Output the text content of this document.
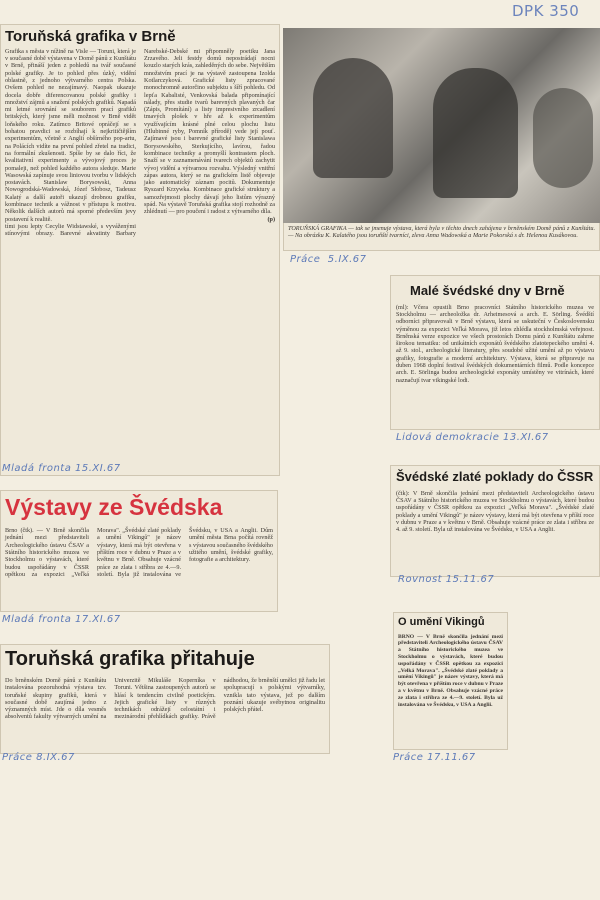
DPK 350
Toruňská grafika v Brně

Grafika s města v nížině na Visle — Toruni, která je v současné době výstavena v Domě pánů z Kunštátu v Brně, přináší jeden z pohledů na tvář současné polské grafiky. Je to pohled přes úzký, vidění oblastně, z jednoho výtvarného centra Polska. Ovšem pohled ne nezajímavý. Naopak ukazuje docela dobře diferencovanou polské grafiky i množství zájmů a snažení polských grafiků. Napadá mi letmé srovnání se souborem prací grafiků britských, který jsme měli možnost v Brně vidět loňského roku. Zatímco Britové opráčejí se s bohatou pravdici se rozbíhají k nejkritičtějším experimentům, včetně z Anglií obšírného pop-artu, na Polácích vidíte na první pohled zřetel na tradici, na formální zkušenosti. Spíše by se dalo říci, že kvalitativní experimenty a vývojový proces je pomaleji, než pohled každého autora sleduje. Marie Wasowská zapínuje svou liniovou tvorbu v lidských postavách. Stanislaw Borysowski, Anna Nowogrodská-Wadowská, Józef Słobosz, Tadeusz Kalatý a další autoři ukazují drobnou grafiku, kombinace technik a vážnost v přístupu k motivu. Několik dalších autorů má sporné především jevy postavení k realitě.

tími jsou lepty Cecylie Widstawské, s vyváženými stínovými obrazy. Barevné akvatinty Barbary Narebské-Debské mi připomněly poetiku Jana Zrzavého. Jeli festdy domů nepostrádají nocni kouzlo starých krás, zahleděných do sebe. Největším množstvím prací je na výstavě zastoupena Izolda Kotlarczyková. Grafické listy zpracované monochromně autorčino subjektu s šíří pohledu. Od lepťa Kabalisté, Venkovská balada připomínající nálady, přes studie tvarů barevných plavaných čar (Zápis, Promítání) a listy impresivního zrcadlení tmavých plošek v hře až k experimentům využívajícím krásné plné celou plochu listu (Hlubinné ryby, Pomník přírodě) vede její pouť. Zajímavé jsou i barevné grafické listy Stanislawa Borysowského, Sterkujícího, lavírou, řadou kombinace techniky a promyšlí kontrastem ploch. Snaží se v zaznamenávání tvarech objektů zachytit vývoj vidění a výtvarnou rozvahu. Výsledný vnitřní zápas autora, který se na grafickém listě objevuje jako automatický záznam pocitů. Dokumentuje Ryszard Krzywka. Kombinace grafické struktury a samozřejmosti plochy dávají jeho listům výrazný spád. Na výstavě Toruňská grafika stojí rozhodně za zhlédnutí — pro poučení i radost z výtvarného díla.

(p)

Mladá fronta 15.XI.67

TORUŇSKÁ GRAFIKA — tak se jmenuje výstava, která byla v těchto dnech zahájena v brněnském Domě pánů z Kunštátu. — Na obrázku K. Kalatého jsou toruňští tvarníci, zleva Anna Wadowská a Marie Pokorská s dr. Helenou Kusákovou.

Práce 5.IX.67
Malé švédské dny v Brně

(ml): Včera opustili Brno pracovníci Státního historického muzea ve Stockholmu — archeoložka dr. Arheimesová a arch. E. Sörling. Švédští odborníci připravovali v Brně výstavu, která se uskuteční v Československu výměnou za expozici Veľká Morava, již letos zhlédla stockholmská veřejnost. Brněnská verze expozice ve všech prostorách Domu pánů z Kunštátu zahrne širokou tematiku: od unikátních exponátů švédského zlatotepeckého umění 4. až 9. stol., archeologické literatury, přes soudobé užité umění až po výstavu grafiky, fotografie a moderní architektury. Výstava, která se připravuje na duben 1968 doplní festival švédských dokumentárních filmů. Podle koncepce arch. E. Sörlinga budou archeologické exponáty umístěny ve vitrínách, které naznačují tvar vikingské lodi.

Lidová demokracie 13.XI.67
Švédské zlaté poklady do ČSSR

(čtk): V Brně skončila jednání mezi představiteli Archeologického ústavu ČSAV a Státního historického muzea ve Stockholmu o výstavách, které budou uspořádány v ČSSR opětkou za expozici „Veľká Morava". „Švédské zlaté poklady a umění Vikingů" je název výstavy, která má být otevřena v příští roce v dubnu v Praze a v květnu v Brně. Obsahuje vzácné práce ze zlata i stříbra ze 4. až 9. století. Byla už instalována ve Švédsku, v USA a Anglii.

Rovnost 15.11.67
Výstavy ze Švédska

Brno (čtk). — V Brně skončila jednání mezi představiteli Archeologického ústavu ČSAV a Státního historického muzea ve Stockholmu o výstavách, které budou uspořádány v ČSSR opětkou za expozici „Veľká Morava". „Švédské zlaté poklady a umění Vikingů" je název výstavy, která má být otevřena v příštím roce v dubnu v Praze a v květnu v Brně. Obsahuje vzácné práce ze zlata i stříbra ze 4.—9. století. Byla již instalována ve Švédsku, v USA a Anglii. Dům umění města Brna počítá rovněž s výstavou současného švédského užitého umění, švédské grafiky, fotografie a architektury.

Mladá fronta 17.XI.67
Toruňská grafika přitahuje

Do brněnském Domě pánů z Kunštátu instalována pozoruhodná výstava tzv. toruňské skupiny grafiků, která v současné době zaujímá jedno z významných míst. Jde o díla vesměs absolventů fakulty výtvarných umění na Univerzitě Mikuláše Koperníka v Toruni. Většina zastoupených autorů se hlásí k tendencím civilně poetickým. Jejich grafické listy v různých technikách odrážejí celostátní i mezinárodní přehlídkách grafiky. Právě nádhodou, že brněnští umělci již řadu let spolupracují s polskými výtvarníky, vznikla tato výstava, jež po dalším poznání ukazuje svébytnou originalitu polských přátel.

Práce 8.IX.67
O umění Vikingů

BRNO — V Brně skončila jednání mezi představiteli Archeologického ústavu ČSAV a Státního historického muzea ve Stockholmu o výstavách, které budou uspořádány v ČSSR opětkou za expozici „Velká Morava". „Švédské zlaté poklady a umění Vikingů" je název výstavy, která má být otevřena v příštím roce v dubnu v Praze a v květnu v Brně. Obsahuje vzácné práce ze zlata i stříbra ze 4.—9. století. Byla už instalována ve Švédsku, v USA a Anglii.

Práce 17.11.67
